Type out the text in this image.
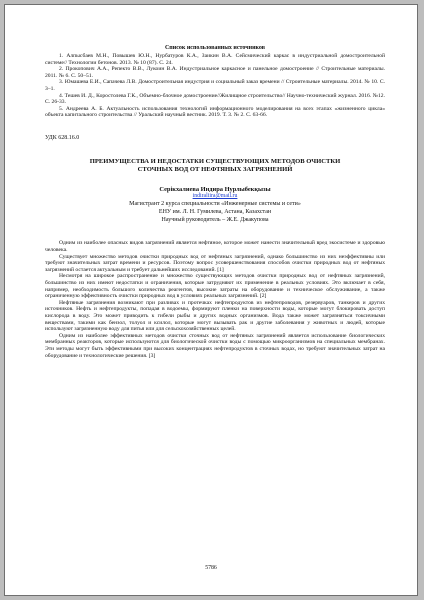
Список использованных источников
1. Алпысбаев М.Н., Повышев Ю.Н., Нурбатуров К.А., Заикин В.А. Сейсмический каркас в индустриальной домостроительной системе// Технологии бетонов. 2013. № 10 (87). С. 24.
2. Прокопович А.А., Репекто В.В., Лукоин В.А. Индустриальное каркасное и панельное домостроение // Строительные материалы. 2011. № 6. С. 50–51.
3. Юмашева Е.И., Сапачева Л.В. Домостроительная индустрия и социальный заказ времени // Строительные материалы. 2014. № 10. С. 3–1.
4. Тешев И. Д., Коростолева Г.К., Объемно-блочное домостроение//Жилищное строительство// Научно-технический журнал. 2016. №12. С. 26-33.
5. Андреева А. Б. Актуальность использования технологий информационного моделирования на всех этапах «жизненного цикла» объекта капитального строительства // Уральский научный вестник. 2019. Т. 3. № 2. С. 63-66.
УДК 628.16.0
ПРЕИМУЩЕСТВА И НЕДОСТАТКИ СУЩЕСТВУЮЩИХ МЕТОДОВ ОЧИСТКИ
СТОЧНЫХ ВОД ОТ НЕФТЯНЫХ ЗАГРЯЗНЕНИЙ
Серікхалиева Индира Нурлыбекқызы
indiraliira@mail.ru
Магистрант 2 курса специальности «Инженерные системы и сети»
ЕНУ им. Л. Н. Гумилева, Астана, Казахстан
Научный руководитель – Ж.Е. Джакупова
Одним из наиболее опасных видов загрязнений является нефтяное, которое может нанести значительный вред экосистеме и здоровью человека.
Существует множество методов очистки природных вод от нефтяных загрязнений, однако большинство из них неэффективны или требуют значительных затрат времени и ресурсов. Поэтому вопрос усовершенствования способов очистки природных вод от нефтяных загрязнений остается актуальным и требует дальнейших исследований. [1]
Несмотря на широкое распространение и множество существующих методов очистки природных вод от нефтяных загрязнений, большинство из них имеют недостатки и ограничения, которые затрудняют их применение в реальных условиях. Это включает в себя, например, необходимость большого количества реагентов, высокие затраты на оборудование и техническое обслуживание, а также ограниченную эффективность очистки природных вод в условиях реальных загрязнений. [2]
Нефтяные загрязнения возникают при разливах и протечках нефтепродуктов из нефтепроводов, резервуаров, танкеров и других источников. Нефть и нефтепродукты, попадая в водоемы, формируют пленки на поверхности воды, которые могут блокировать доступ кислорода в воду. Это может приводить к гибели рыбы и других водных организмов. Вода также может загрязняться токсичными веществами, такими как бензол, толуол и ксилол, которые могут вызывать рак и другие заболевания у животных и людей, которые используют загрязненную воду для питья или для сельскохозяйственных целей.
Одним из наиболее эффективных методов очистки сточных вод от нефтяных загрязнений является использование биологических мембранных реакторов, которые используются для биологической очистки воды с помощью микроорганизмов на специальных мембранах. Эти методы могут быть эффективными при высоких концентрациях нефтепродуктов в сточных водах, но требуют значительных затрат на оборудование и технологические решения. [3]
5786
